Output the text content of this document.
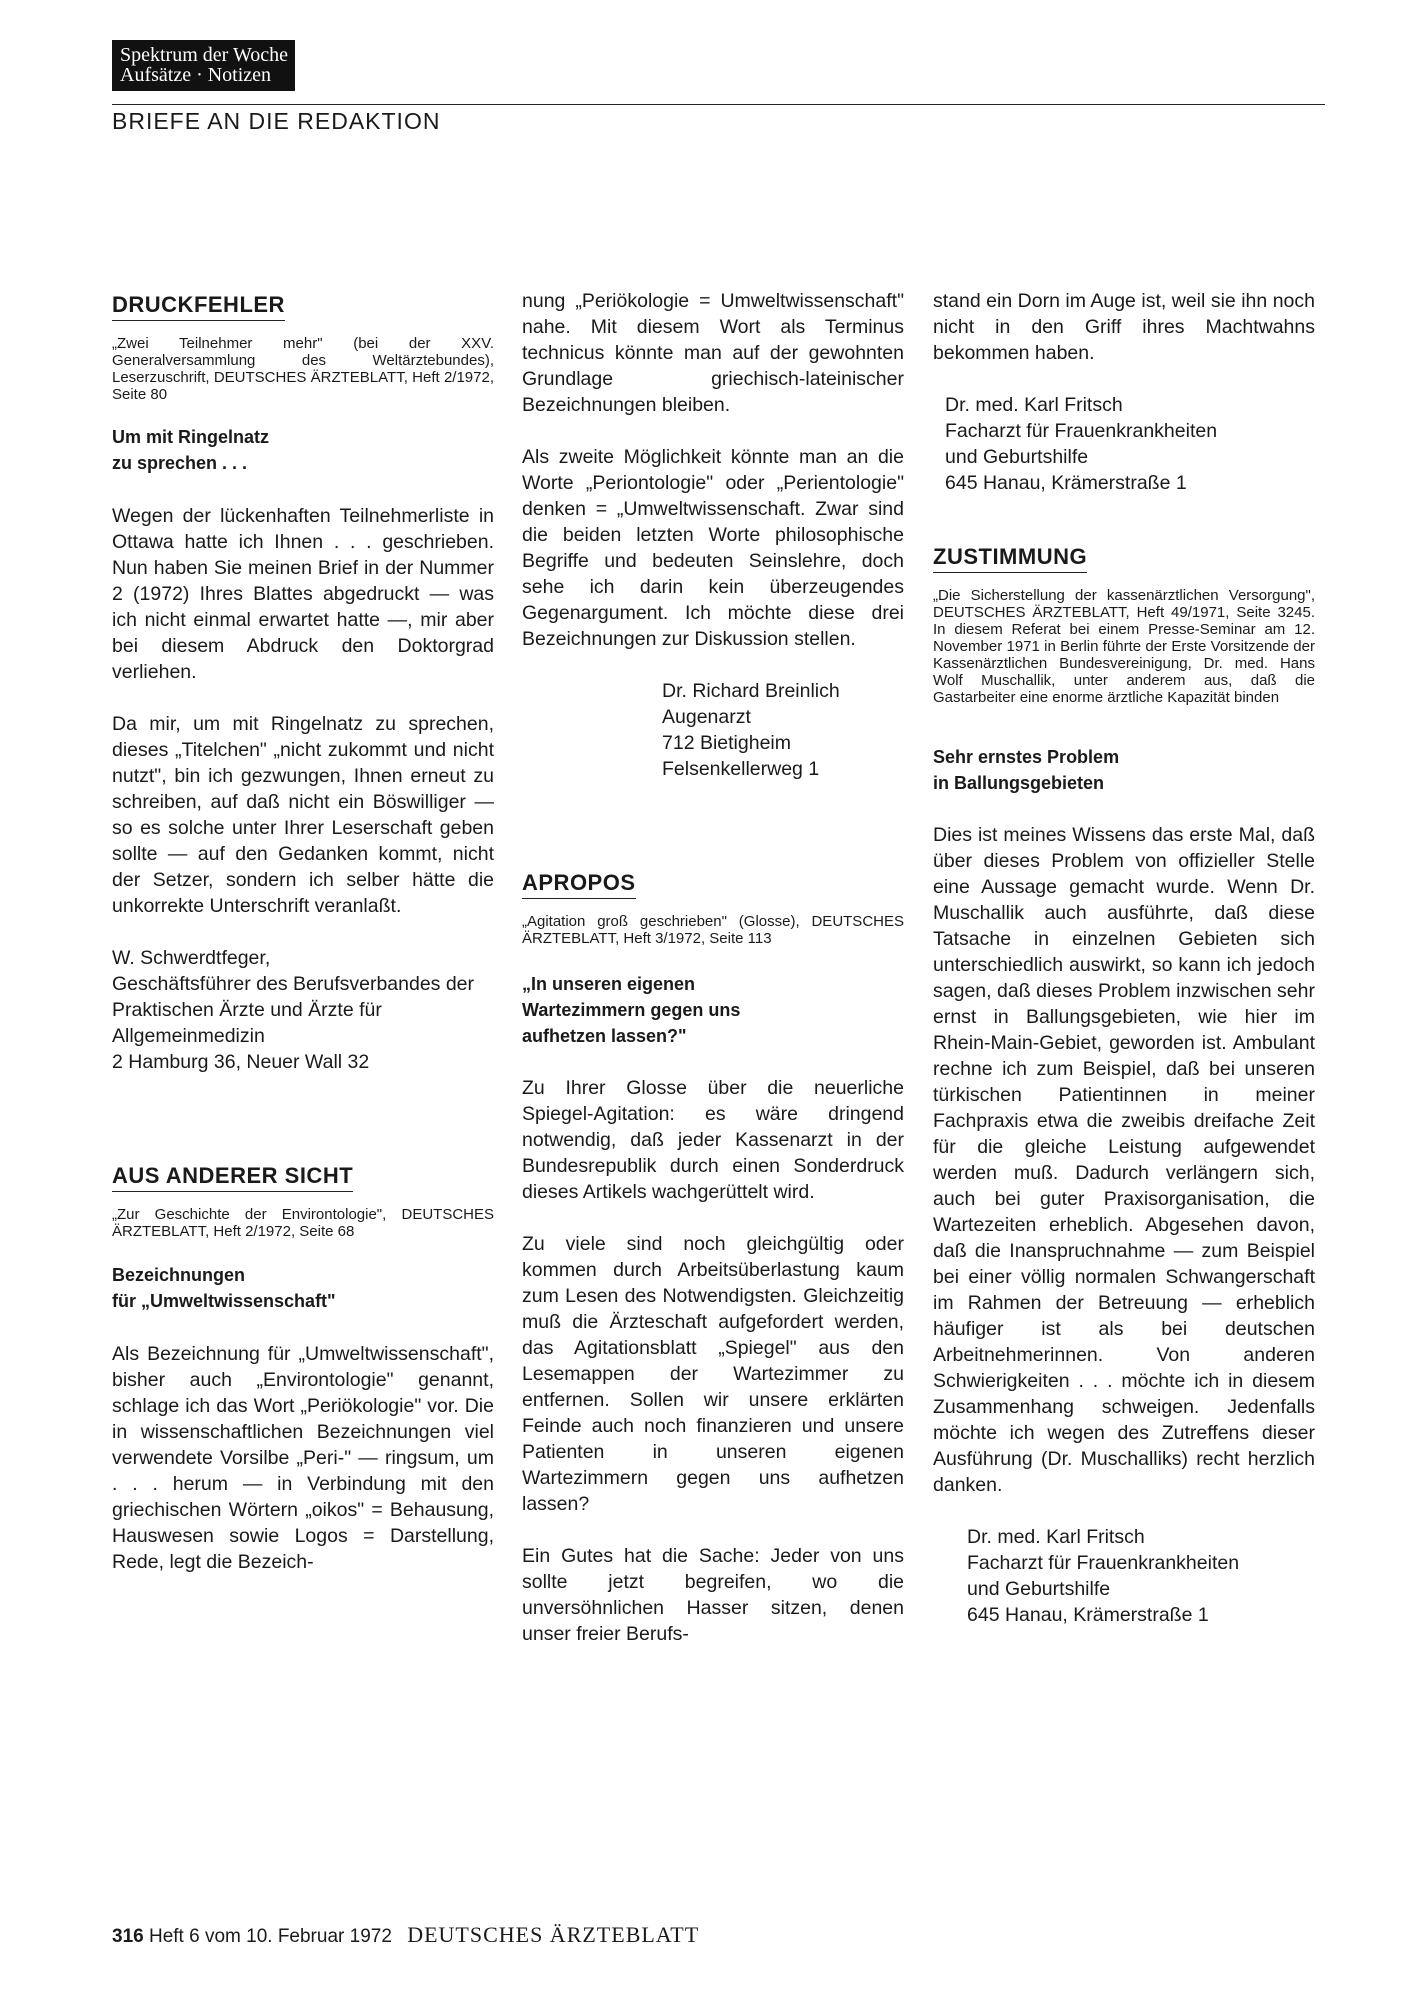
Spektrum der Woche
Aufsätze · Notizen
BRIEFE AN DIE REDAKTION
DRUCKFEHLER

„Zwei Teilnehmer mehr" (bei der XXV. Generalversammlung des Weltärztebundes), Leserzuschrift, DEUTSCHES ÄRZTEBLATT, Heft 2/1972, Seite 80

Um mit Ringelnatz
zu sprechen . . .

Wegen der lückenhaften Teilnehmerliste in Ottawa hatte ich Ihnen . . . geschrieben. Nun haben Sie meinen Brief in der Nummer 2 (1972) Ihres Blattes abgedruckt — was ich nicht einmal erwartet hatte —, mir aber bei diesem Abdruck den Doktorgrad verliehen.

Da mir, um mit Ringelnatz zu sprechen, dieses „Titelchen" „nicht zukommt und nicht nutzt", bin ich gezwungen, Ihnen erneut zu schreiben, auf daß nicht ein Böswilliger — so es solche unter Ihrer Leserschaft geben sollte — auf den Gedanken kommt, nicht der Setzer, sondern ich selber hätte die unkorrekte Unterschrift veranlaßt.

W. Schwerdtfeger,
Geschäftsführer des Berufsverbandes der Praktischen Ärzte und Ärzte für Allgemeinmedizin
2 Hamburg 36, Neuer Wall 32

AUS ANDERER SICHT

„Zur Geschichte der Environtologie", DEUTSCHES ÄRZTEBLATT, Heft 2/1972, Seite 68

Bezeichnungen
für „Umweltwissenschaft"

Als Bezeichnung für „Umweltwissenschaft", bisher auch „Environtologie" genannt, schlage ich das Wort „Periökologie" vor. Die in wissenschaftlichen Bezeichnungen viel verwendete Vorsilbe „Peri-" — ringsum, um . . . herum — in Verbindung mit den griechischen Wörtern „oikos" = Behausung, Hauswesen sowie Logos = Darstellung, Rede, legt die Bezeich-

nung „Periökologie = Umweltwissenschaft" nahe. Mit diesem Wort als Terminus technicus könnte man auf der gewohnten Grundlage griechisch-lateinischer Bezeichnungen bleiben.

Als zweite Möglichkeit könnte man an die Worte „Periontologie" oder „Perientologie" denken = „Umweltwissenschaft. Zwar sind die beiden letzten Worte philosophische Begriffe und bedeuten Seinslehre, doch sehe ich darin kein überzeugendes Gegenargument. Ich möchte diese drei Bezeichnungen zur Diskussion stellen.

Dr. Richard Breinlich
Augenarzt
712 Bietigheim
Felsenkellerweg 1

APROPOS

„Agitation groß geschrieben" (Glosse), DEUTSCHES ÄRZTEBLATT, Heft 3/1972, Seite 113

„In unseren eigenen
Wartezimmern gegen uns
aufhetzen lassen?"

Zu Ihrer Glosse über die neuerliche Spiegel-Agitation: es wäre dringend notwendig, daß jeder Kassenarzt in der Bundesrepublik durch einen Sonderdruck dieses Artikels wachgerüttelt wird.

Zu viele sind noch gleichgültig oder kommen durch Arbeitsüberlastung kaum zum Lesen des Notwendigsten. Gleichzeitig muß die Ärzteschaft aufgefordert werden, das Agitationsblatt „Spiegel" aus den Lesemappen der Wartezimmer zu entfernen. Sollen wir unsere erklärten Feinde auch noch finanzieren und unsere Patienten in unseren eigenen Wartezimmern gegen uns aufhetzen lassen?

Ein Gutes hat die Sache: Jeder von uns sollte jetzt begreifen, wo die unversöhnlichen Hasser sitzen, denen unser freier Berufs-

stand ein Dorn im Auge ist, weil sie ihn noch nicht in den Griff ihres Machtwahns bekommen haben.

Dr. med. Karl Fritsch
Facharzt für Frauenkrankheiten
und Geburtshilfe
645 Hanau, Krämerstraße 1

ZUSTIMMUNG

„Die Sicherstellung der kassenärztlichen Versorgung", DEUTSCHES ÄRZTEBLATT, Heft 49/1971, Seite 3245. In diesem Referat bei einem Presse-Seminar am 12. November 1971 in Berlin führte der Erste Vorsitzende der Kassenärztlichen Bundesvereinigung, Dr. med. Hans Wolf Muschallik, unter anderem aus, daß die Gastarbeiter eine enorme ärztliche Kapazität binden

Sehr ernstes Problem
in Ballungsgebieten

Dies ist meines Wissens das erste Mal, daß über dieses Problem von offizieller Stelle eine Aussage gemacht wurde. Wenn Dr. Muschallik auch ausführte, daß diese Tatsache in einzelnen Gebieten sich unterschiedlich auswirkt, so kann ich jedoch sagen, daß dieses Problem inzwischen sehr ernst in Ballungsgebieten, wie hier im Rhein-Main-Gebiet, geworden ist. Ambulant rechne ich zum Beispiel, daß bei unseren türkischen Patientinnen in meiner Fachpraxis etwa die zweibis dreifache Zeit für die gleiche Leistung aufgewendet werden muß. Dadurch verlängern sich, auch bei guter Praxisorganisation, die Wartezeiten erheblich. Abgesehen davon, daß die Inanspruchnahme — zum Beispiel bei einer völlig normalen Schwangerschaft im Rahmen der Betreuung — erheblich häufiger ist als bei deutschen Arbeitnehmerinnen. Von anderen Schwierigkeiten . . . möchte ich in diesem Zusammenhang schweigen. Jedenfalls möchte ich wegen des Zutreffens dieser Ausführung (Dr. Muschalliks) recht herzlich danken.

Dr. med. Karl Fritsch
Facharzt für Frauenkrankheiten
und Geburtshilfe
645 Hanau, Krämerstraße 1

316 Heft 6 vom 10. Februar 1972 DEUTSCHES ÄRZTEBLATT
